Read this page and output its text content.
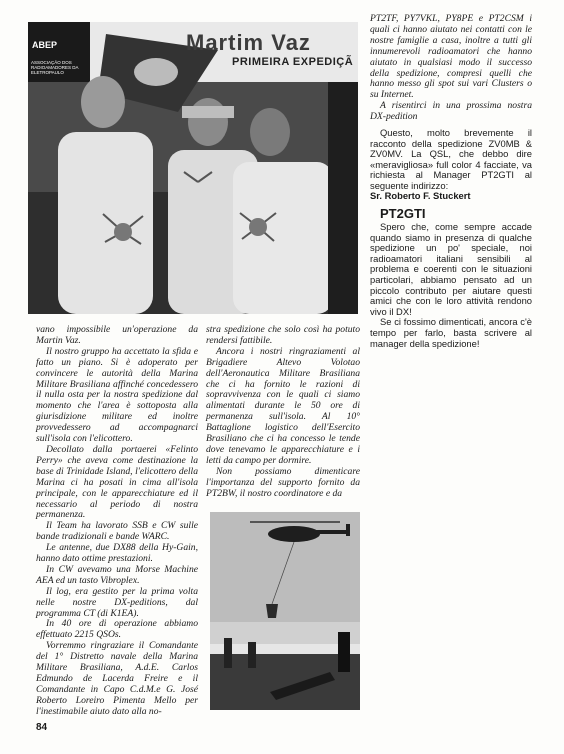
ABEP
ASSOCIAÇÃO DOS RADIOAMADORES DA ELETROPAULO
Martim Vaz
PRIMEIRA EXPEDIÇÃ

vano impossibile un'operazione da Martin Vaz.

Il nostro gruppo ha accettato la sfida e fatto un piano. Si è adoperato per convincere le autorità della Marina Militare Brasiliana affinché concedessero il nulla osta per la nostra spedizione dal momento che l'area è sottoposta alla giurisdizione militare ed inoltre provvedessero ad accompagnarci sull'isola con l'elicottero.

Decollato dalla portaerei «Felinto Perry» che aveva come destinazione la base di Trinidade Island, l'elicottero della Marina ci ha posati in cima all'isola principale, con le apparecchiature ed il necessario al periodo di nostra permanenza.

Il Team ha lavorato SSB e CW sulle bande tradizionali e bande WARC.

Le antenne, due DX88 della Hy-Gain, hanno dato ottime prestazioni.

In CW avevamo una Morse Machine AEA ed un tasto Vibroplex.

Il log, era gestito per la prima volta nelle nostre DX-peditions, dal programma CT (di K1EA).

In 40 ore di operazione abbiamo effettuato 2215 QSOs.

Vorremmo ringraziare il Comandante del 1° Distretto navale della Marina Militare Brasiliana, A.d.E. Carlos Edmundo de Lacerda Freire e il Comandante in Capo C.d.M.e G. José Roberto Loreiro Pimenta Mello per l'inestimabile aiuto dato alla no-

stra spedizione che solo così ha potuto rendersi fattibile.

Ancora i nostri ringraziamenti al Brigadiere Altevo Volotao dell'Aeronautica Militare Brasiliana che ci ha fornito le razioni di sopravvivenza con le quali ci siamo alimentati durante le 50 ore di permanenza sull'isola. Al 10° Battaglione logistico dell'Esercito Brasiliano che ci ha concesso le tende dove tenevamo le apparecchiature e i letti da campo per dormire.

Non possiamo dimenticare l'importanza del supporto fornito da PT2BW, il nostro coordinatore e da

PT2TF, PY7VKL, PY8PE e PT2CSM i quali ci hanno aiutato nei contatti con le nostre famiglie a casa, inoltre a tutti gli innumerevoli radioamatori che hanno aiutato in qualsiasi modo il successo della spedizione, compresi quelli che hanno messo gli spot sui vari Clusters o su Internet.

A risentirci in una prossima nostra DX-pedition

Questo, molto brevemente il racconto della spedizione ZV0MB & ZV0MV. La QSL, che debbo dire «meravigliosa» full color 4 facciate, va richiesta al Manager PT2GTI al seguente indirizzo:

Sr. Roberto F. Stuckert
PT2GTI

Spero che, come sempre accade quando siamo in presenza di qualche spedizione un po' speciale, noi radioamatori italiani sensibili al problema e coerenti con le situazioni particolari, abbiamo pensato ad un piccolo contributo per aiutare questi amici che con le loro attività rendono vivo il DX!

Se ci fossimo dimenticati, ancora c'è tempo per farlo, basta scrivere al manager della spedizione!

84
